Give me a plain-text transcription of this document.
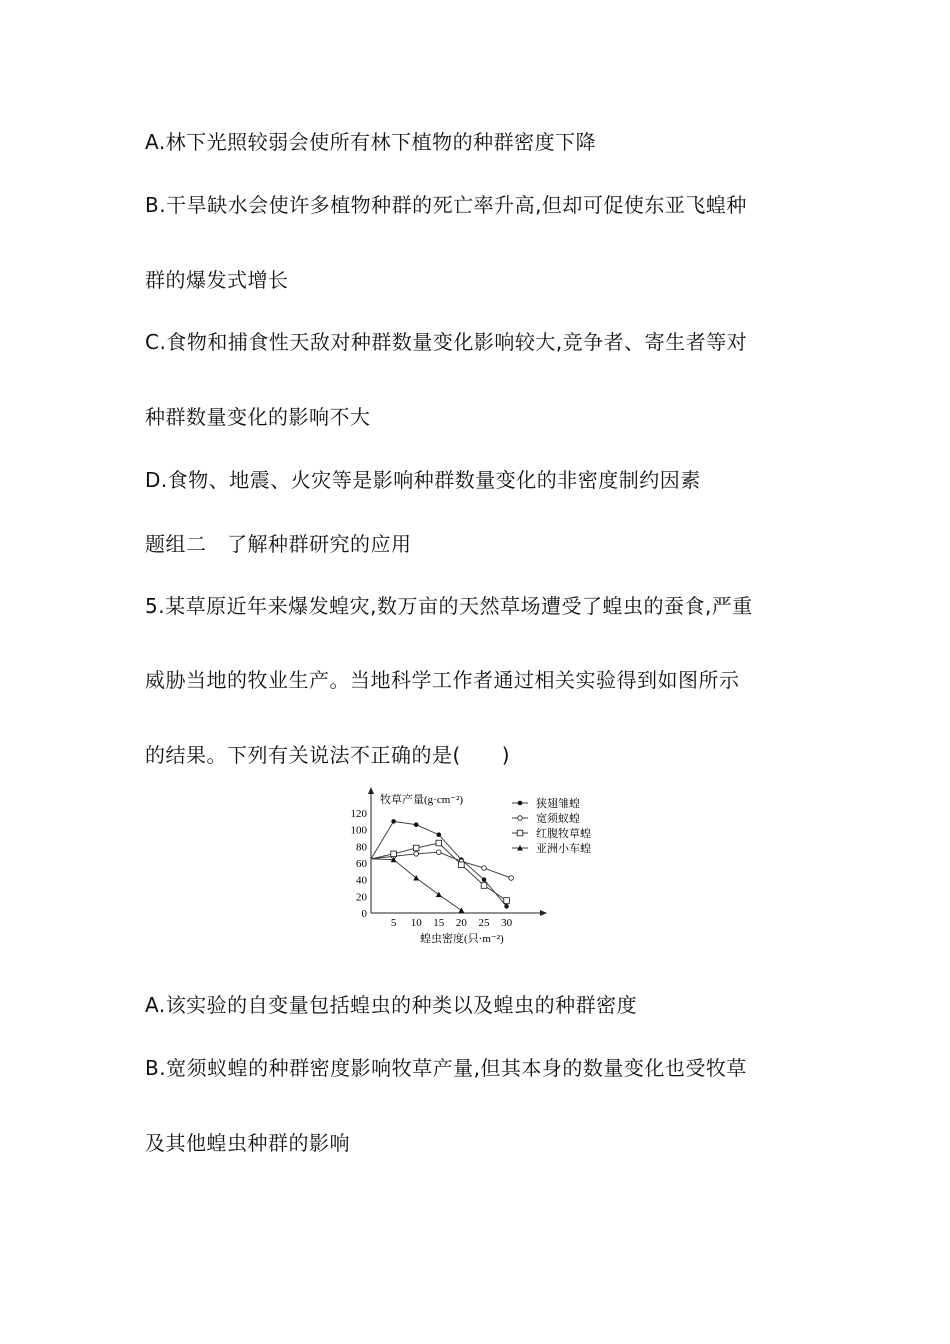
A.林下光照较弱会使所有林下植物的种群密度下降
B.干旱缺水会使许多植物种群的死亡率升高,但却可促使东亚飞蝗种
群的爆发式增长
C.食物和捕食性天敌对种群数量变化影响较大,竞争者、寄生者等对
种群数量变化的影响不大
D.食物、地震、火灾等是影响种群数量变化的非密度制约因素
题组二　了解种群研究的应用
5.某草原近年来爆发蝗灾,数万亩的天然草场遭受了蝗虫的蚕食,严重
威胁当地的牧业生产。当地科学工作者通过相关实验得到如图所示
的结果。下列有关说法不正确的是(　　)
A.该实验的自变量包括蝗虫的种类以及蝗虫的种群密度
B.宽须蚁蝗的种群密度影响牧草产量,但其本身的数量变化也受牧草
及其他蝗虫种群的影响
0
20
40
60
80
100
120
5 10 15 20 25 30
狭翅雏蝗
宽须蚁蝗
红腹牧草蝗
亚洲小车蝗
牧草产量(g·cm⁻²)
蝗虫密度(只·m⁻²)
